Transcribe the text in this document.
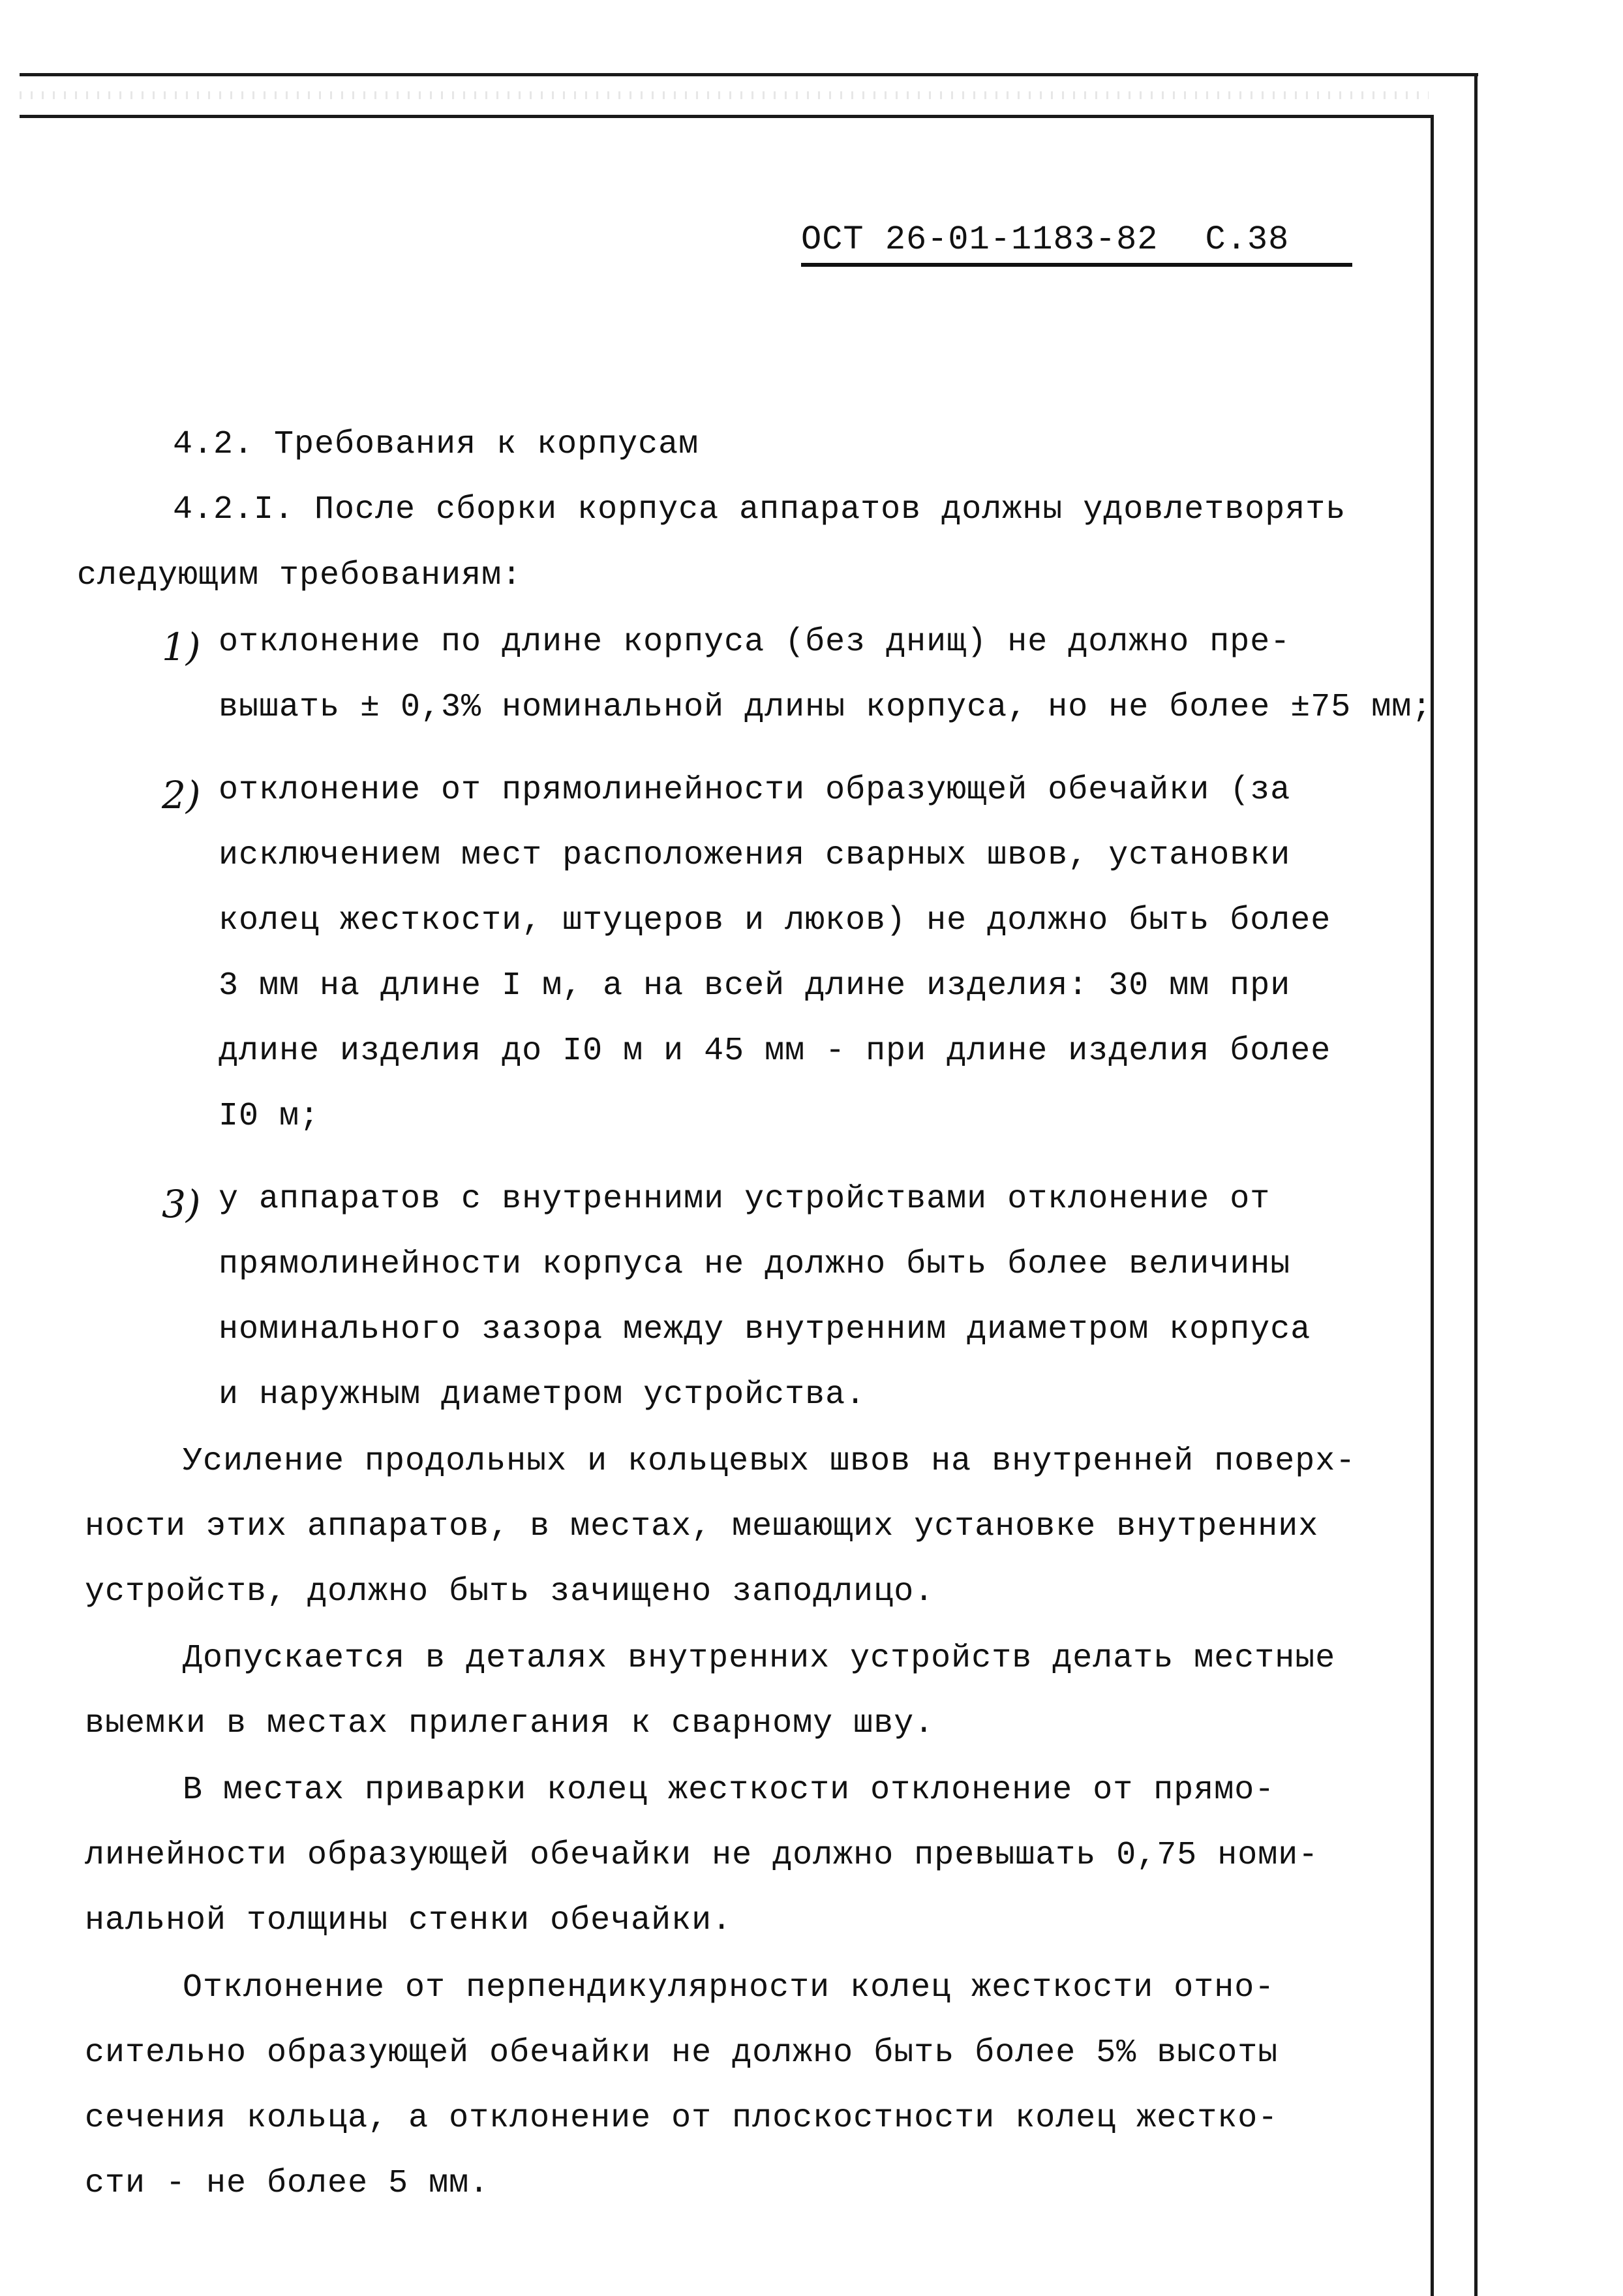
ОСТ 26-01-1183-82 С.38
4.2. Требования к корпусам
4.2.I. После сборки корпуса аппаратов должны удовлетворять
следующим требованиям:
1) отклонение по длине корпуса (без днищ) не должно пре-
вышать ± 0,3% номинальной длины корпуса, но не более ±75 мм;
2) отклонение от прямолинейности образующей обечайки (за
исключением мест расположения сварных швов, установки
колец жесткости, штуцеров и люков) не должно быть более
3 мм на длине I м, а на всей длине изделия: 30 мм при
длине изделия до I0 м и 45 мм - при длине изделия более
I0 м;
3) у аппаратов с внутренними устройствами отклонение от
прямолинейности корпуса не должно быть более величины
номинального зазора между внутренним диаметром корпуса
и наружным диаметром устройства.
Усиление продольных и кольцевых швов на внутренней поверх-
ности этих аппаратов, в местах, мешающих установке внутренних
устройств, должно быть зачищено заподлицо.
Допускается в деталях внутренних устройств делать местные
выемки в местах прилегания к сварному шву.
В местах приварки колец жесткости отклонение от прямо-
линейности образующей обечайки не должно превышать 0,75 номи-
нальной толщины стенки обечайки.
Отклонение от перпендикулярности колец жесткости отно-
сительно образующей обечайки не должно быть более 5% высоты
сечения кольца, а отклонение от плоскостности колец жестко-
сти - не более 5 мм.
